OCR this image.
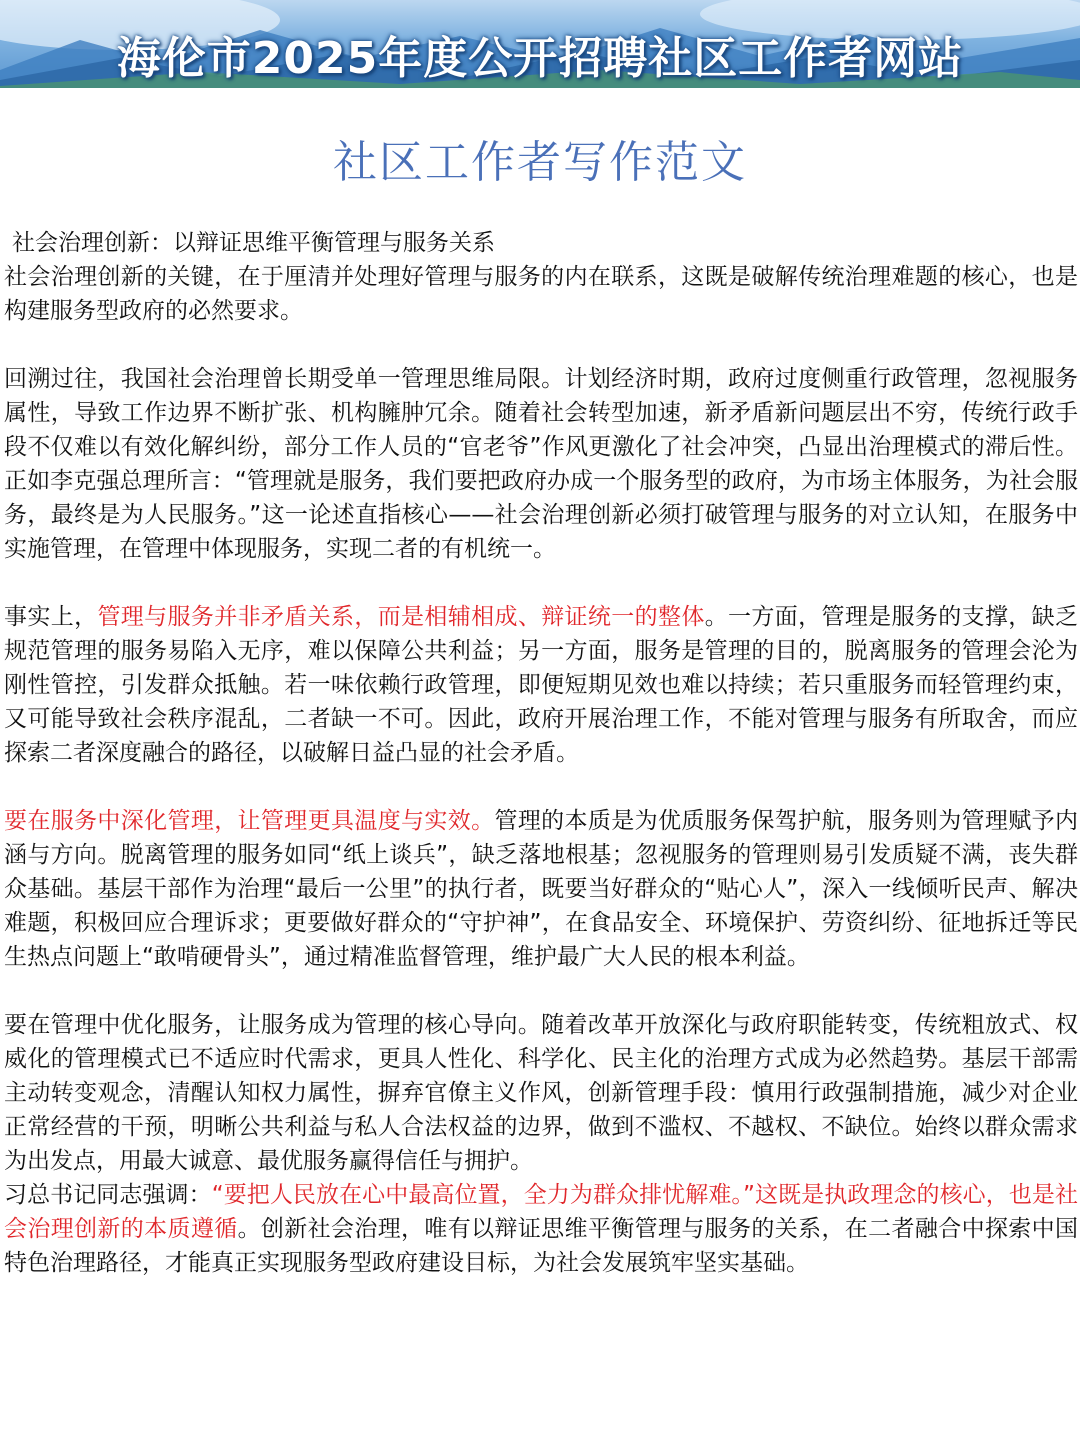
海伦市2025年度公开招聘社区工作者网站
社区工作者写作范文

社会治理创新：以辩证思维平衡管理与服务关系

社会治理创新的关键，在于厘清并处理好管理与服务的内在联系，这既是破解传统治理难题的核心，也是构建服务型政府的必然要求。

回溯过往，我国社会治理曾长期受单一管理思维局限。计划经济时期，政府过度侧重行政管理，忽视服务属性，导致工作边界不断扩张、机构臃肿冗余。随着社会转型加速，新矛盾新问题层出不穷，传统行政手段不仅难以有效化解纠纷，部分工作人员的“官老爷”作风更激化了社会冲突，凸显出治理模式的滞后性。正如李克强总理所言：“管理就是服务，我们要把政府办成一个服务型的政府，为市场主体服务，为社会服务，最终是为人民服务。”这一论述直指核心——社会治理创新必须打破管理与服务的对立认知，在服务中实施管理，在管理中体现服务，实现二者的有机统一。

事实上，管理与服务并非矛盾关系，而是相辅相成、辩证统一的整体。一方面，管理是服务的支撑，缺乏规范管理的服务易陷入无序，难以保障公共利益；另一方面，服务是管理的目的，脱离服务的管理会沦为刚性管控，引发群众抵触。若一味依赖行政管理，即便短期见效也难以持续；若只重服务而轻管理约束，又可能导致社会秩序混乱，二者缺一不可。因此，政府开展治理工作，不能对管理与服务有所取舍，而应探索二者深度融合的路径，以破解日益凸显的社会矛盾。

要在服务中深化管理，让管理更具温度与实效。管理的本质是为优质服务保驾护航，服务则为管理赋予内涵与方向。脱离管理的服务如同“纸上谈兵”，缺乏落地根基；忽视服务的管理则易引发质疑不满，丧失群众基础。基层干部作为治理“最后一公里”的执行者，既要当好群众的“贴心人”，深入一线倾听民声、解决难题，积极回应合理诉求；更要做好群众的“守护神”，在食品安全、环境保护、劳资纠纷、征地拆迁等民生热点问题上“敢啃硬骨头”，通过精准监督管理，维护最广大人民的根本利益。

要在管理中优化服务，让服务成为管理的核心导向。随着改革开放深化与政府职能转变，传统粗放式、权威化的管理模式已不适应时代需求，更具人性化、科学化、民主化的治理方式成为必然趋势。基层干部需主动转变观念，清醒认知权力属性，摒弃官僚主义作风，创新管理手段：慎用行政强制措施，减少对企业正常经营的干预，明晰公共利益与私人合法权益的边界，做到不滥权、不越权、不缺位。始终以群众需求为出发点，用最大诚意、最优服务赢得信任与拥护。

习总书记同志强调：“要把人民放在心中最高位置，全力为群众排忧解难。”这既是执政理念的核心，也是社会治理创新的本质遵循。创新社会治理，唯有以辩证思维平衡管理与服务的关系，在二者融合中探索中国特色治理路径，才能真正实现服务型政府建设目标，为社会发展筑牢坚实基础。
